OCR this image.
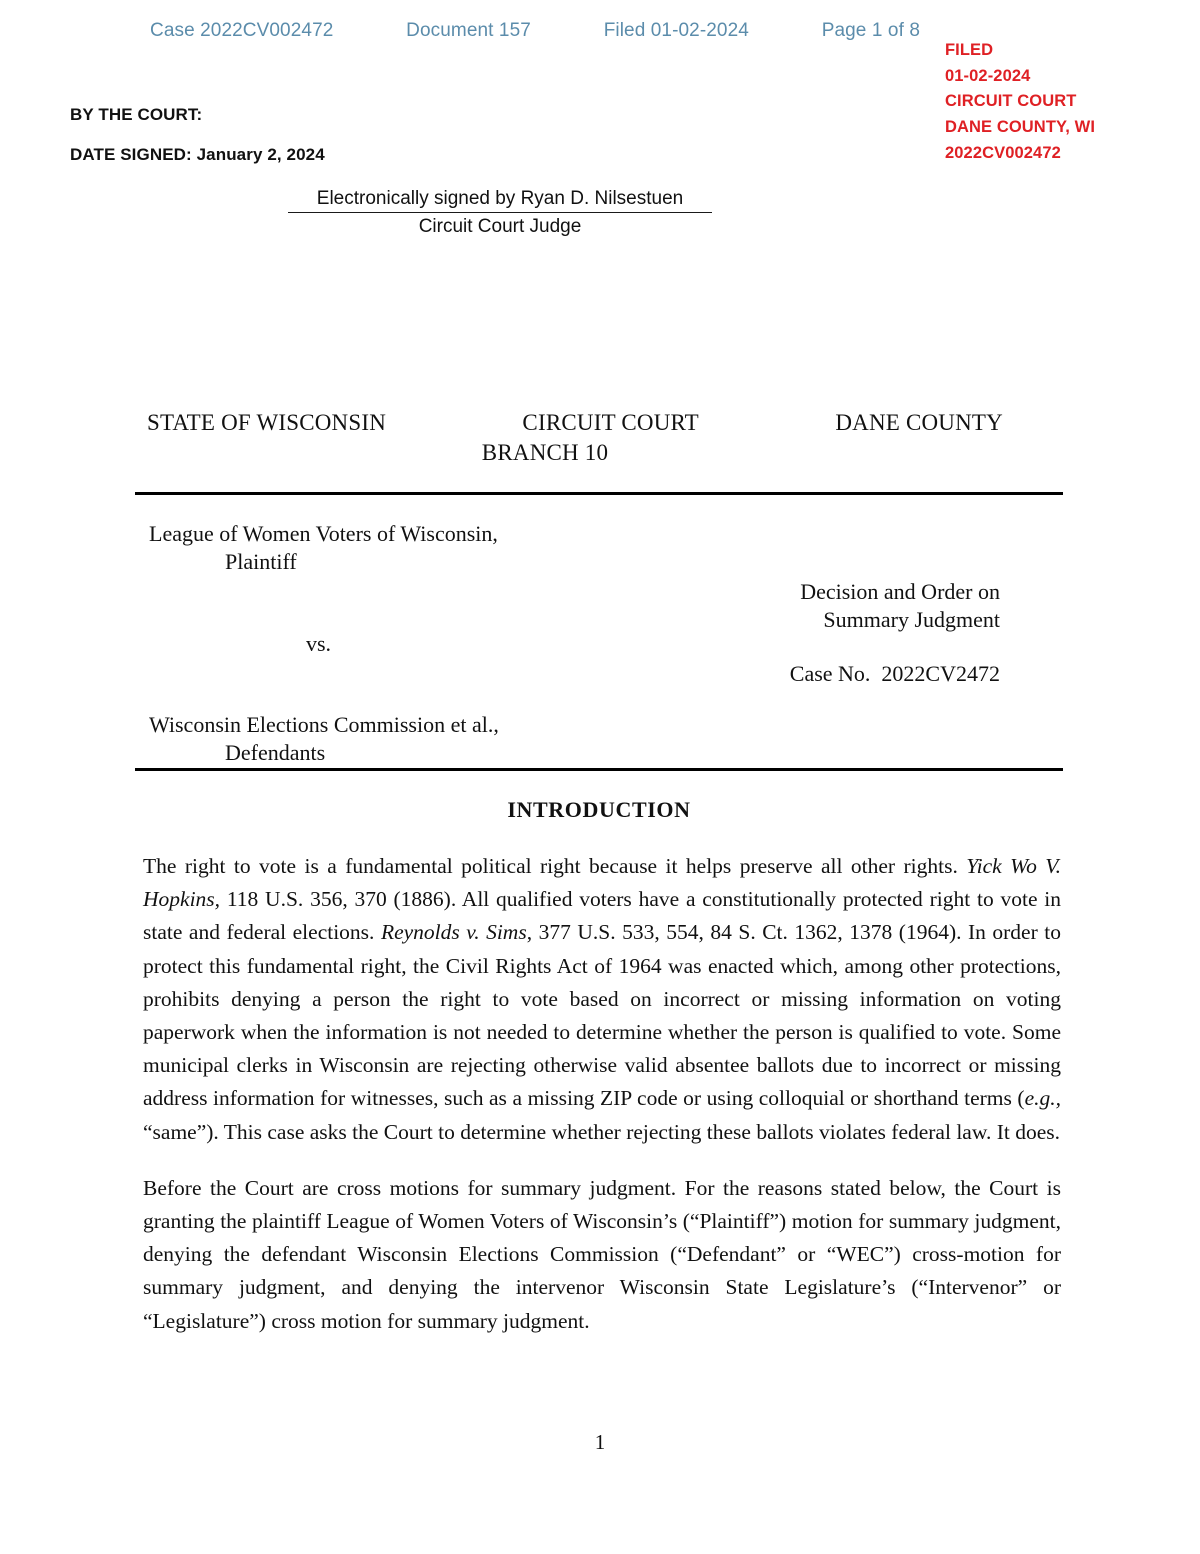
Case 2022CV002472	Document 157	Filed 01-02-2024	Page 1 of 8
FILED
01-02-2024
CIRCUIT COURT
DANE COUNTY, WI
2022CV002472
BY THE COURT:
DATE SIGNED: January 2, 2024
Electronically signed by Ryan D. Nilsestuen
Circuit Court Judge
STATE OF WISCONSIN	CIRCUIT COURT	DANE COUNTY
BRANCH 10
League of Women Voters of Wisconsin,
Plaintiff
vs.
Wisconsin Elections Commission et al.,
Defendants
Decision and Order on
Summary Judgment
Case No.  2022CV2472
INTRODUCTION

The right to vote is a fundamental political right because it helps preserve all other rights. Yick Wo V. Hopkins, 118 U.S. 356, 370 (1886). All qualified voters have a constitutionally protected right to vote in state and federal elections. Reynolds v. Sims, 377 U.S. 533, 554, 84 S. Ct. 1362, 1378 (1964). In order to protect this fundamental right, the Civil Rights Act of 1964 was enacted which, among other protections, prohibits denying a person the right to vote based on incorrect or missing information on voting paperwork when the information is not needed to determine whether the person is qualified to vote. Some municipal clerks in Wisconsin are rejecting otherwise valid absentee ballots due to incorrect or missing address information for witnesses, such as a missing ZIP code or using colloquial or shorthand terms (e.g., “same”). This case asks the Court to determine whether rejecting these ballots violates federal law. It does.

Before the Court are cross motions for summary judgment. For the reasons stated below, the Court is granting the plaintiff League of Women Voters of Wisconsin’s (“Plaintiff”) motion for summary judgment, denying the defendant Wisconsin Elections Commission (“Defendant” or “WEC”) cross-motion for summary judgment, and denying the intervenor Wisconsin State Legislature’s (“Intervenor” or “Legislature”) cross motion for summary judgment.

1
